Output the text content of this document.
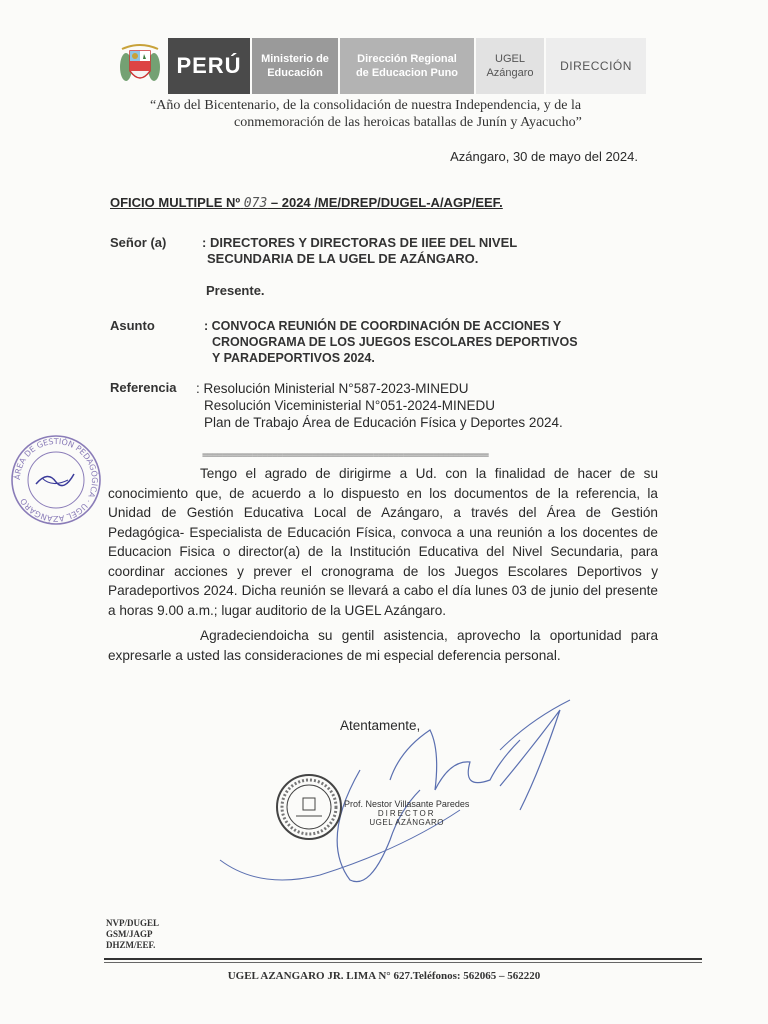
PERÚ	Ministerio de
Educación
Dirección Regional
de Educacion Puno
UGEL
Azángaro	DIRECCIÓN
“Año del Bicentenario, de la consolidación de nuestra Independencia, y de la
conmemoración de las heroicas batallas de Junín y Ayacucho”
Azángaro, 30 de mayo del 2024.
OFICIO MULTIPLE Nº 073 – 2024 /ME/DREP/DUGEL-A/AGP/EEF.
Señor (a)	: DIRECTORES Y DIRECTORAS DE IIEE DEL NIVEL
SECUNDARIA DE LA UGEL DE AZÁNGARO.
Presente.
Asunto	: CONVOCA REUNIÓN DE COORDINACIÓN DE ACCIONES Y
CRONOGRAMA DE LOS JUEGOS ESCOLARES DEPORTIVOS
Y PARADEPORTIVOS 2024.
Referencia : Resolución Ministerial N°587-2023-MINEDU
Resolución Viceministerial N°051-2024-MINEDU
Plan de Trabajo Área de Educación Física y Deportes 2024.
ÁREA DE GESTIÓN PEDAGÓGICA · UGEL AZÁNGARO
=========================================================

Tengo el agrado de dirigirme a Ud. con la finalidad de hacer de su conocimiento que, de acuerdo a lo dispuesto en los documentos de la referencia, la Unidad de Gestión Educativa Local de Azángaro, a través del Área de Gestión Pedagógica- Especialista de Educación Física, convoca a una reunión a los docentes de Educacion Fisica o director(a) de la Institución Educativa del Nivel Secundaria, para coordinar acciones y prever el cronograma de los Juegos Escolares Deportivos y Paradeportivos 2024. Dicha reunión se llevará a cabo el día lunes 03 de junio del presente a horas 9.00 a.m.; lugar auditorio de la UGEL Azángaro.

Agradeciendoicha su gentil asistencia, aprovecho la oportunidad para expresarle a usted las consideraciones de mi especial deferencia personal.

Atentamente,
Prof. Nestor Villasante Paredes

DIRECTOR
UGEL AZÁNGARO
NVP/DUGEL
GSM/JAGP
DHZM/EEF.
UGEL AZANGARO JR. LIMA N° 627.Teléfonos: 562065 – 562220
